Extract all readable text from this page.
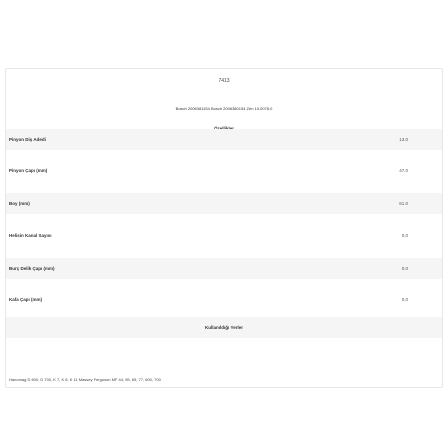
7413
Bosch 2006381154 Bosch 2006380154 Zen 10.0078.0
Pinyon Diş Adedi	13.0
Pinyon Çapı (mm)	47.0
Boy (mm)	61.0
Helisin Kanal Sayısı	0.0
Burç Delik Çapı (mm)	0.0
Kafa Çapı (mm)	0.0
Kullanıldığı Yerler
Hanomag D 600, D 700, K 7, K 8, K 11 Massey Ferguson MF 44, 55, 65, 77, 600, 700
